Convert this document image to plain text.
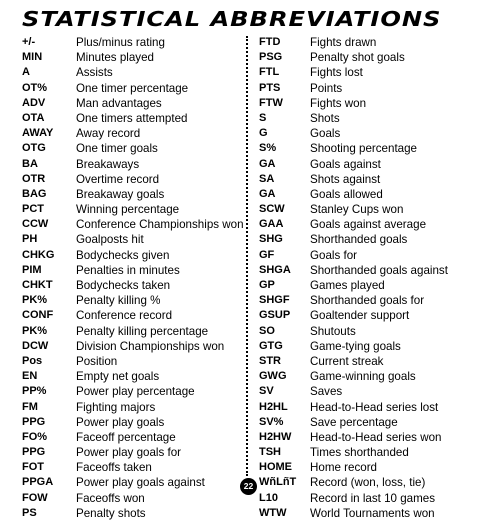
STATISTICAL ABBREVIATIONS
+/-	Plus/minus rating
MIN	Minutes played
A	Assists
OT% One timer percentage
ADV	Man advantages
OTA	One timers attempted
AWAY Away record
OTG	One timer goals
BA	Breakaways
OTR	Overtime record
BAG	Breakaway goals
PCT	Winning percentage
CCW Conference Championships won
PH	Goalposts hit
CHKG Bodychecks given
PIM	Penalties in minutes
CHKT Bodychecks taken
PK% Penalty killing %
CONF Conference record
PK% Penalty killing percentage
DCW Division Championships won
Pos	Position
EN	Empty net goals
PP%	Power play percentage
FM	Fighting majors
PPG	Power play goals
FO% Faceoff percentage
PPG	Power play goals for
FOT	Faceoffs taken
PPGA Power play goals against
FOW Faceoffs won
PS	Penalty shots
FTD	Fights drawn
PSG Penalty shot goals
FTL	Fights lost
PTS	Points
FTW Fights won
S	Shots
G	Goals
S%	Shooting percentage
GA	Goals against
SA	Shots against
GA	Goals allowed
SCW Stanley Cups won
GAA Goals against average
SHG Shorthanded goals
GF	Goals for
SHGA Shorthanded goals against
GP	Games played
SHGF Shorthanded goals for
GSUP Goaltender support
SO	Shutouts
GTG Game-tying goals
STR	Current streak
GWG Game-winning goals
SV	Saves
H2HL Head-to-Head series lost
SV% Save percentage
H2HW Head-to-Head series won
TSH	Times shorthanded
HOME Home record
WñLñT Record (won, loss, tie)
L10	Record in last 10 games
WTW World Tournaments won
22
